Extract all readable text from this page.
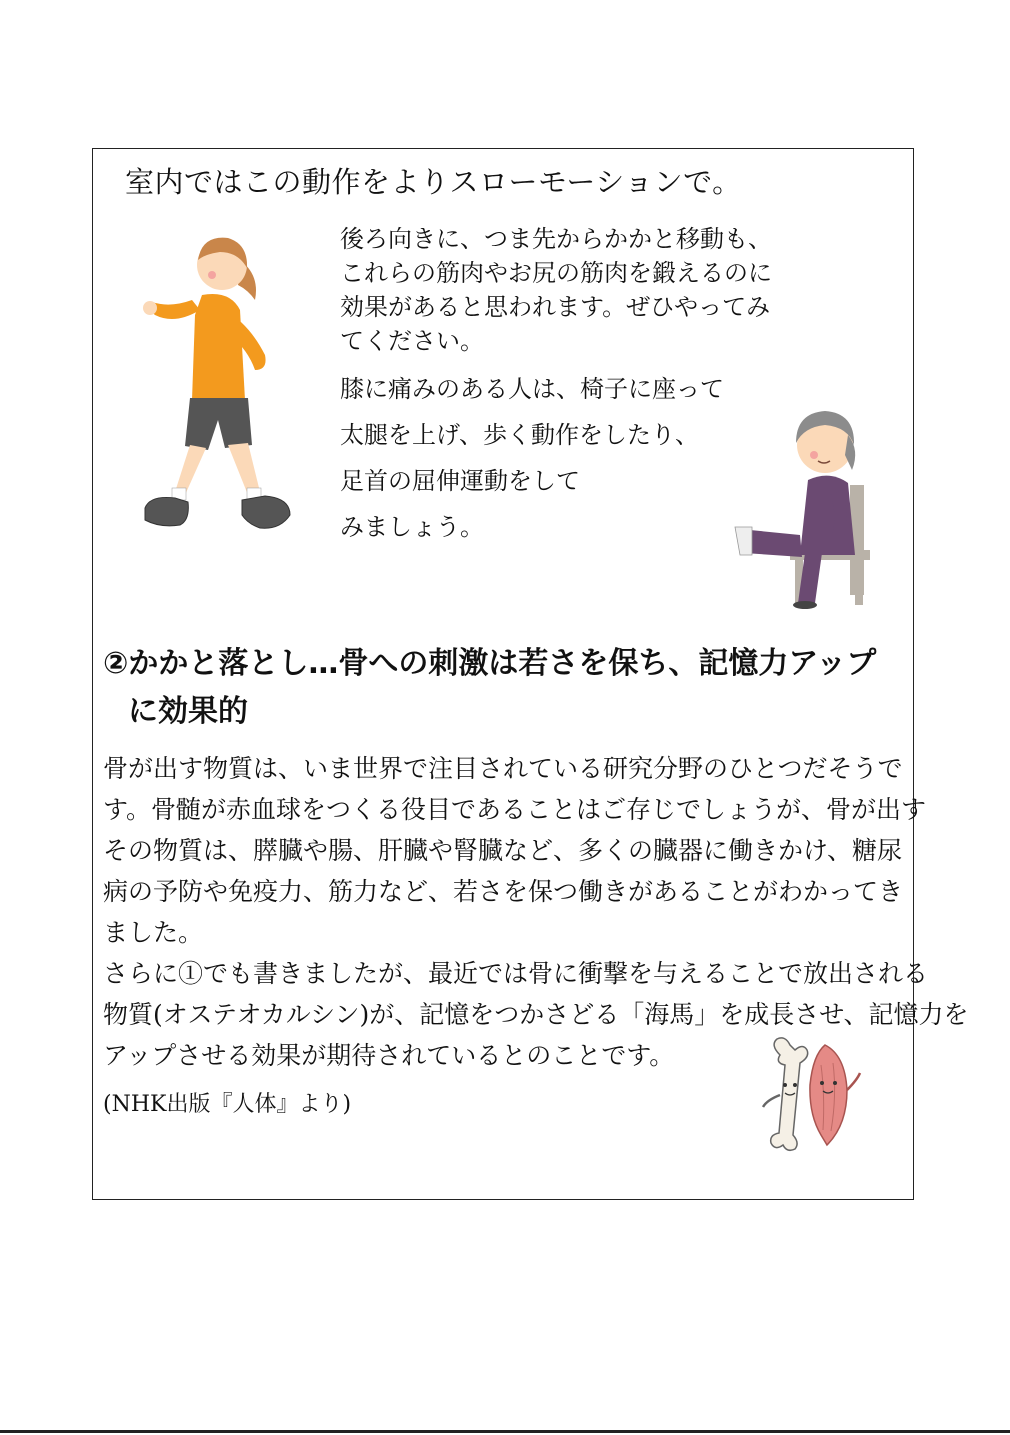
室内ではこの動作をよりスローモーションで。
後ろ向きに、つま先からかかと移動も、
これらの筋肉やお尻の筋肉を鍛えるのに
効果があると思われます。ぜひやってみ
てください。
膝に痛みのある人は、椅子に座って
太腿を上げ、歩く動作をしたり、
足首の屈伸運動をして
みましょう。
②かかと落とし…骨への刺激は若さを保ち、記憶力アップ
に効果的
骨が出す物質は、いま世界で注目されている研究分野のひとつだそうで
す。骨髄が赤血球をつくる役目であることはご存じでしょうが、骨が出す
その物質は、膵臓や腸、肝臓や腎臓など、多くの臓器に働きかけ、糖尿
病の予防や免疫力、筋力など、若さを保つ働きがあることがわかってき
ました。
さらに①でも書きましたが、最近では骨に衝撃を与えることで放出される
物質(オステオカルシン)が、記憶をつかさどる「海馬」を成長させ、記憶力を
アップさせる効果が期待されているとのことです。
(NHK出版『人体』より)
